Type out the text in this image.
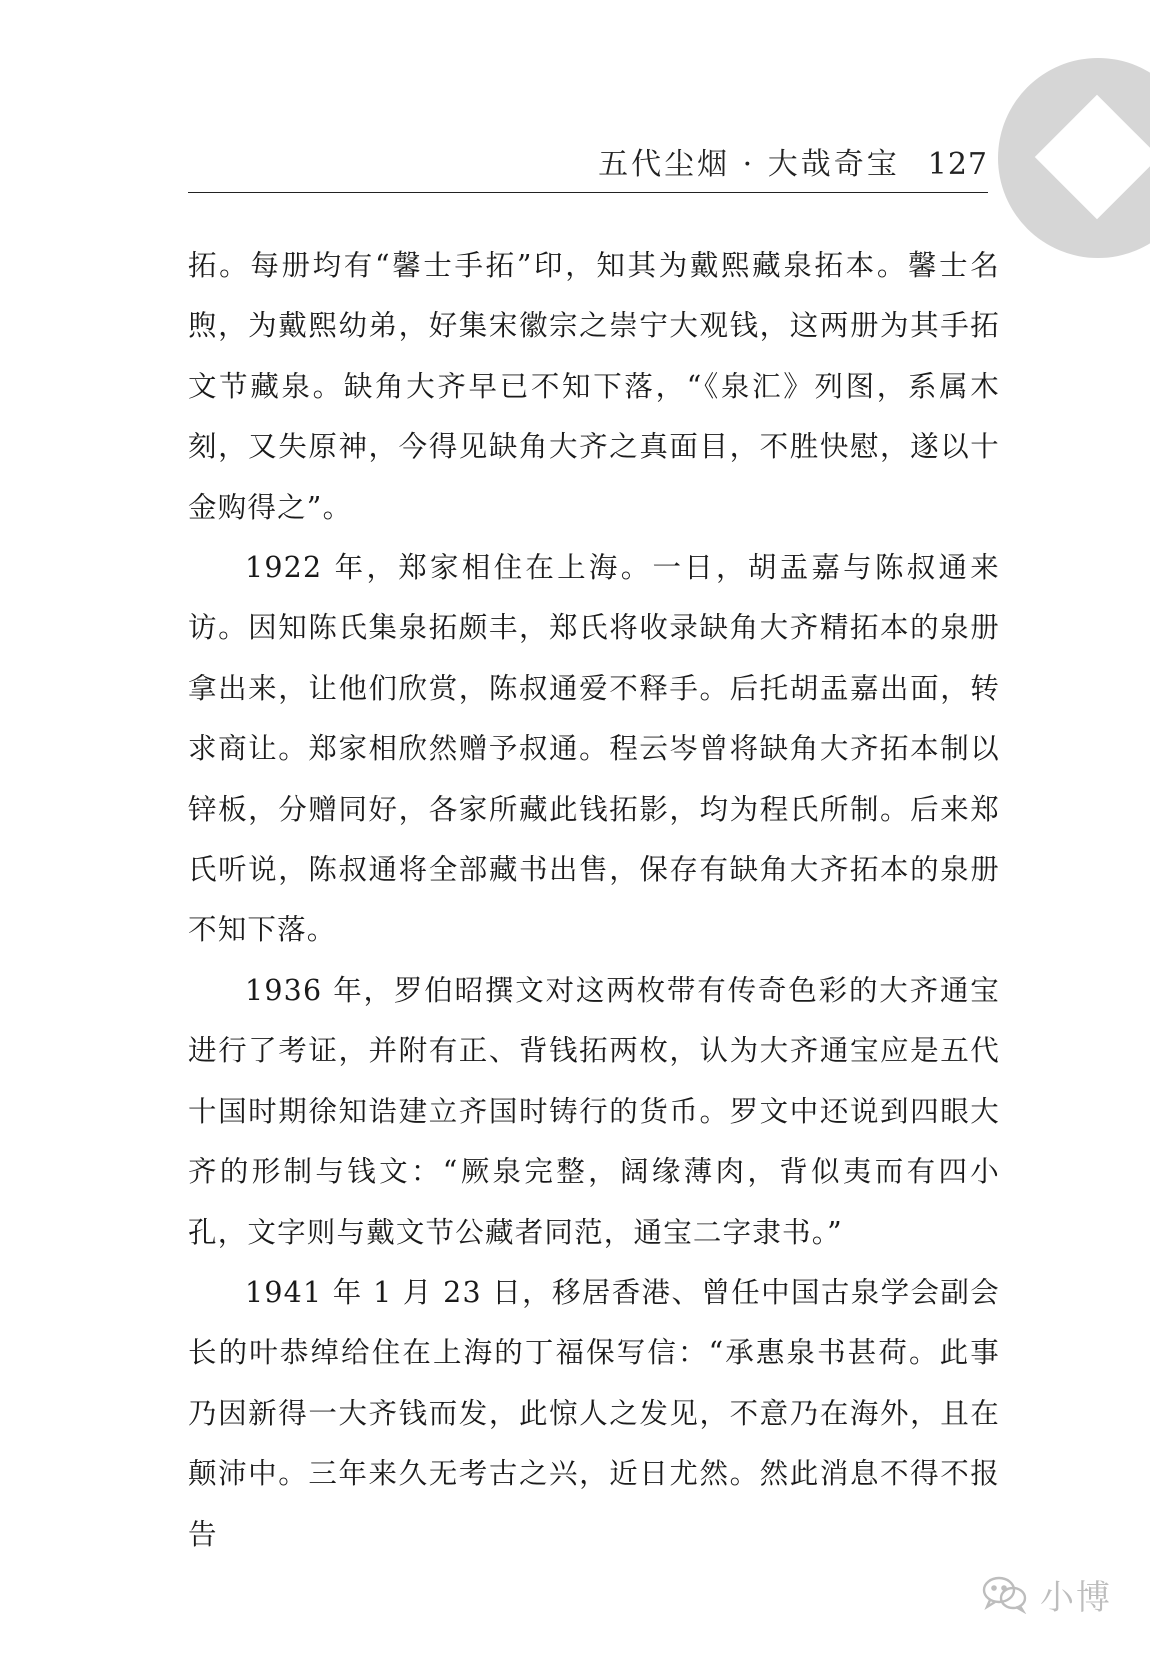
五代尘烟 · 大哉奇宝 127

拓。每册均有“馨士手拓”印，知其为戴熙藏泉拓本。馨士名煦，为戴熙幼弟，好集宋徽宗之崇宁大观钱，这两册为其手拓文节藏泉。缺角大齐早已不知下落，“《泉汇》列图，系属木刻，又失原神，今得见缺角大齐之真面目，不胜快慰，遂以十金购得之”。

1922 年，郑家相住在上海。一日，胡盂嘉与陈叔通来访。因知陈氏集泉拓颇丰，郑氏将收录缺角大齐精拓本的泉册拿出来，让他们欣赏，陈叔通爱不释手。后托胡盂嘉出面，转求商让。郑家相欣然赠予叔通。程云岑曾将缺角大齐拓本制以锌板，分赠同好，各家所藏此钱拓影，均为程氏所制。后来郑氏听说，陈叔通将全部藏书出售，保存有缺角大齐拓本的泉册不知下落。

1936 年，罗伯昭撰文对这两枚带有传奇色彩的大齐通宝进行了考证，并附有正、背钱拓两枚，认为大齐通宝应是五代十国时期徐知诰建立齐国时铸行的货币。罗文中还说到四眼大齐的形制与钱文：“厥泉完整，阔缘薄肉，背似夷而有四小孔，文字则与戴文节公藏者同范，通宝二字隶书。”

1941 年 1 月 23 日，移居香港、曾任中国古泉学会副会长的叶恭绰给住在上海的丁福保写信：“承惠泉书甚荷。此事乃因新得一大齐钱而发，此惊人之发见，不意乃在海外，且在颠沛中。三年来久无考古之兴，近日尤然。然此消息不得不报告

小博
